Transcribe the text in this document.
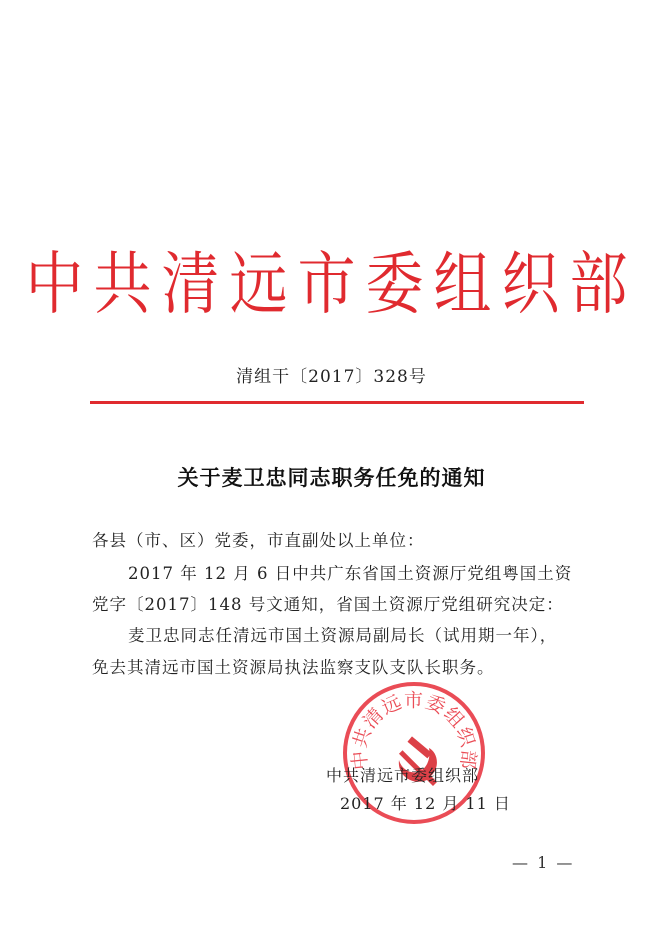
中共清远市委组织部
清组干〔2017〕328号
关于麦卫忠同志职务任免的通知
各县（市、区）党委，市直副处以上单位：
2017 年 12 月 6 日中共广东省国土资源厅党组粤国土资
党字〔2017〕148 号文通知，省国土资源厅党组研究决定：
麦卫忠同志任清远市国土资源局副局长（试用期一年），
免去其清远市国土资源局执法监察支队支队长职务。
中共清远市委组织部
中共清远市委组织部
2017 年 12 月 11 日
— 1 —
